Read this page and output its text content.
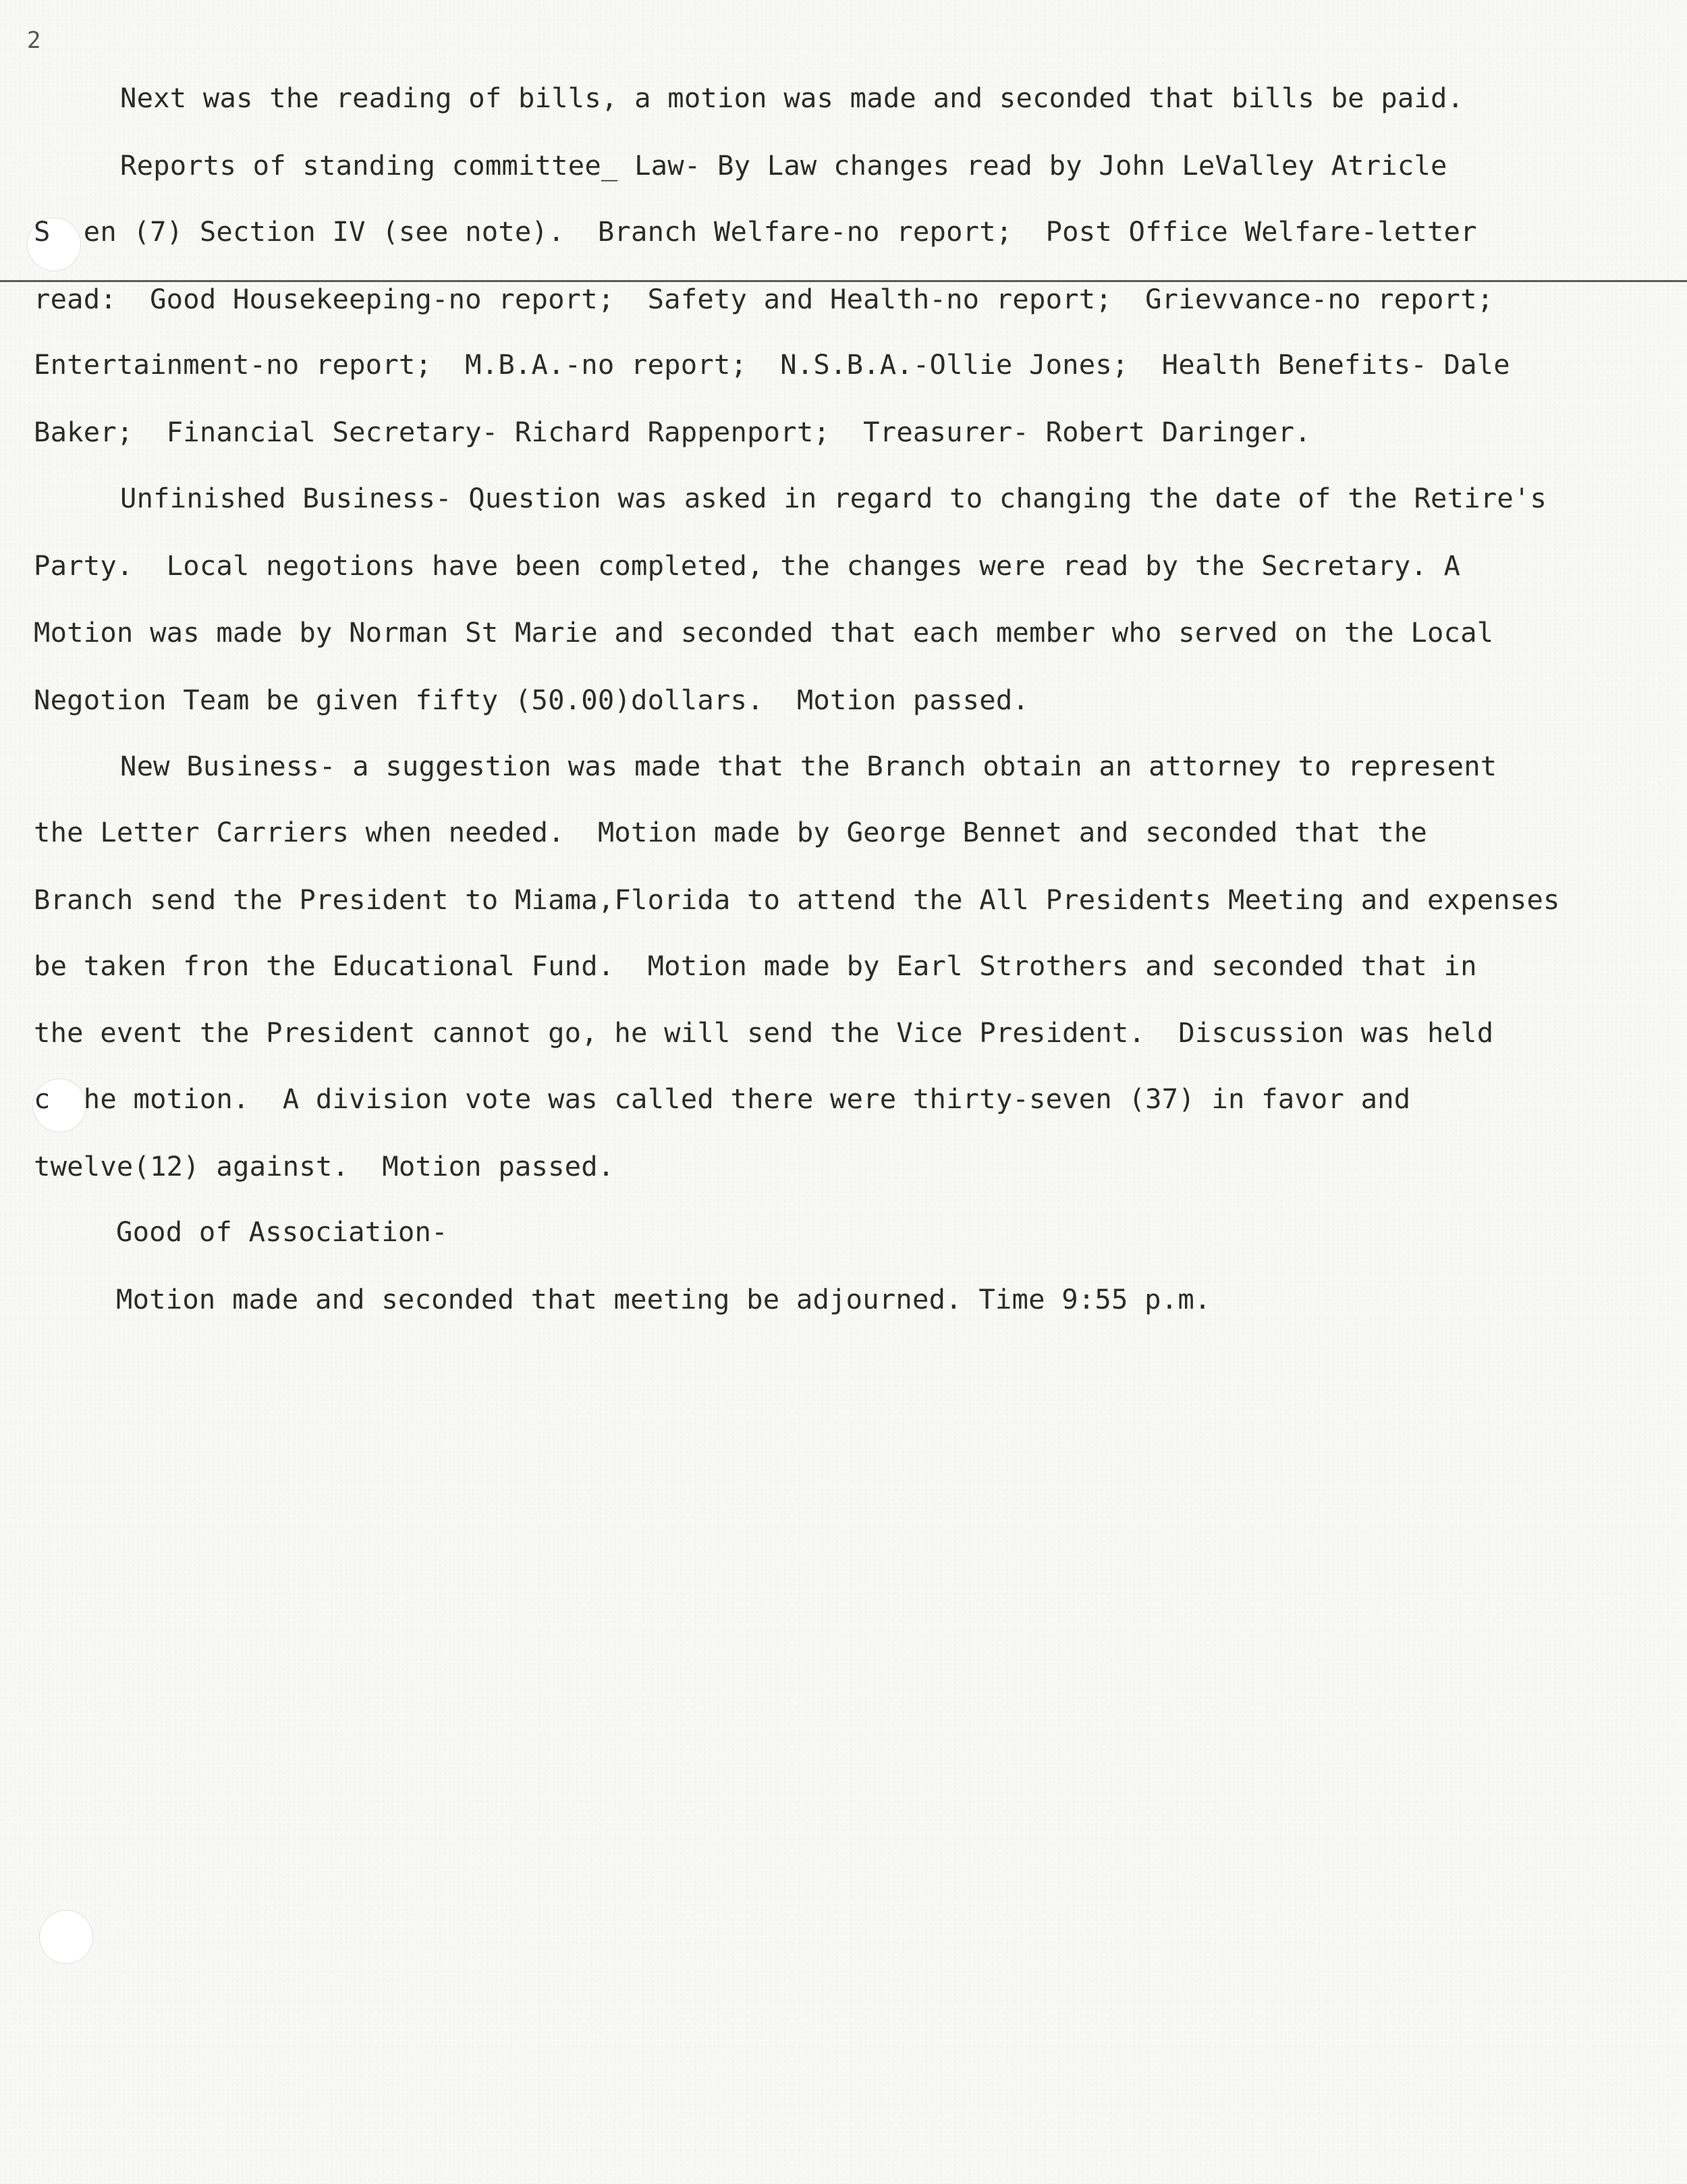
2
Next was the reading of bills, a motion was made and seconded that bills be paid.
Reports of standing committee_ Law- By Law changes read by John LeValley Atricle
S  en (7) Section IV (see note).  Branch Welfare-no report;  Post Office Welfare-letter
read:  Good Housekeeping-no report;  Safety and Health-no report;  Grievvance-no report;
Entertainment-no report;  M.B.A.-no report;  N.S.B.A.-Ollie Jones;  Health Benefits- Dale
Baker;  Financial Secretary- Richard Rappenport;  Treasurer- Robert Daringer.
Unfinished Business- Question was asked in regard to changing the date of the Retire's
Party.  Local negotions have been completed, the changes were read by the Secretary. A
Motion was made by Norman St Marie and seconded that each member who served on the Local
Negotion Team be given fifty (50.00)dollars.  Motion passed.
New Business- a suggestion was made that the Branch obtain an attorney to represent
the Letter Carriers when needed.  Motion made by George Bennet and seconded that the
Branch send the President to Miama,Florida to attend the All Presidents Meeting and expenses
be taken fron the Educational Fund.  Motion made by Earl Strothers and seconded that in
the event the President cannot go, he will send the Vice President.  Discussion was held
c  he motion.  A division vote was called there were thirty-seven (37) in favor and
twelve(12) against.  Motion passed.
Good of Association-
Motion made and seconded that meeting be adjourned. Time 9:55 p.m.
